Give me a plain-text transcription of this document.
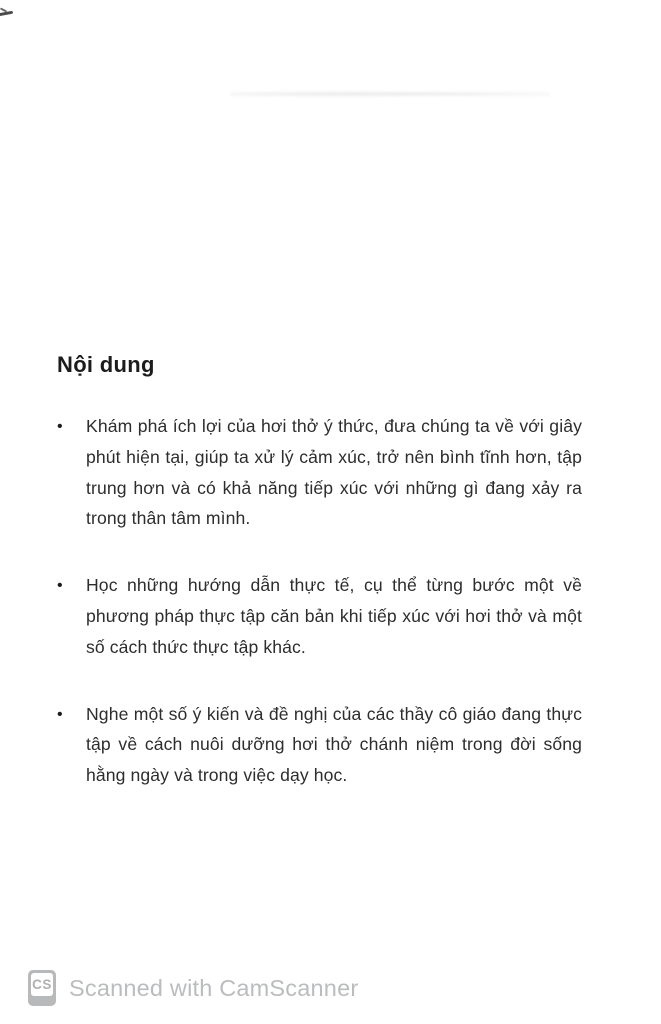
Nội dung
•	Khám phá ích lợi của hơi thở ý thức, đưa chúng ta về với giây phút hiện tại, giúp ta xử lý cảm xúc, trở nên bình tĩnh hơn, tập trung hơn và có khả năng tiếp xúc với những gì đang xảy ra trong thân tâm mình.
•	Học những hướng dẫn thực tế, cụ thể từng bước một về phương pháp thực tập căn bản khi tiếp xúc với hơi thở và một số cách thức thực tập khác.
•	Nghe một số ý kiến và đề nghị của các thầy cô giáo đang thực tập về cách nuôi dưỡng hơi thở chánh niệm trong đời sống hằng ngày và trong việc dạy học.
CS Scanned with CamScanner
